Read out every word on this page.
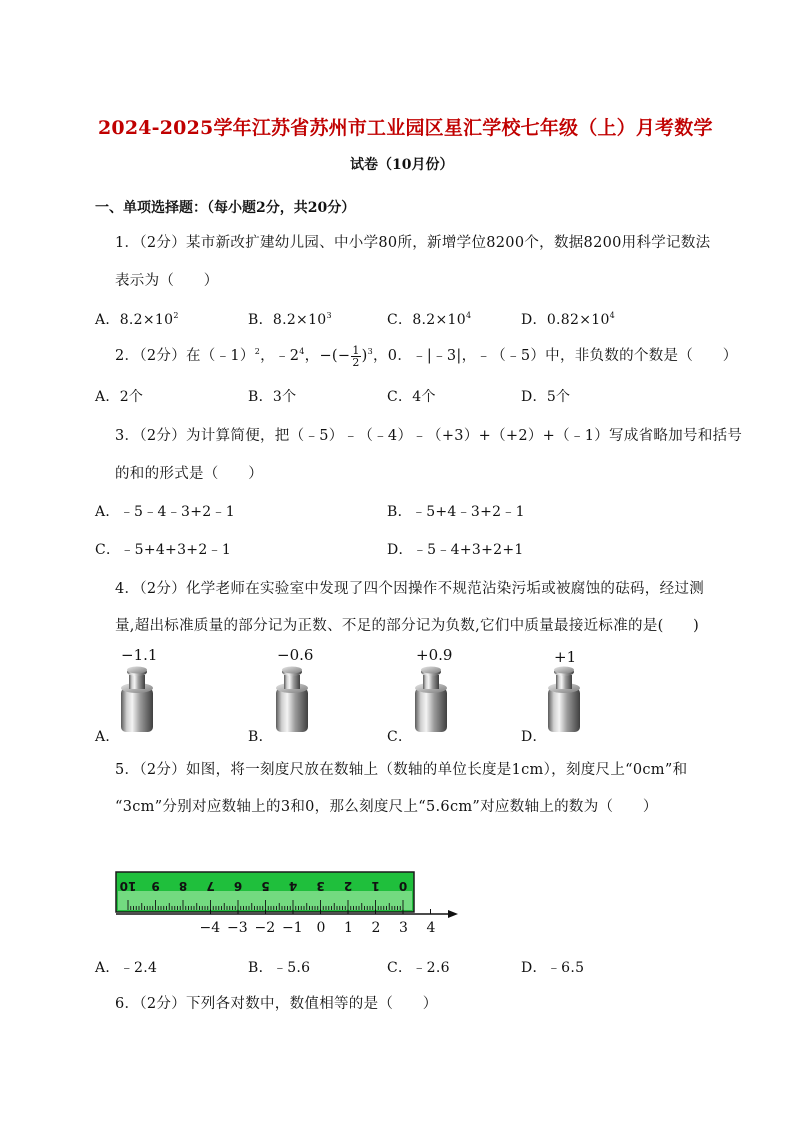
2024-2025学年江苏省苏州市工业园区星汇学校七年级（上）月考数学
试卷（10月份）
一、单项选择题：（每小题2分，共20分）
1．（2分）某市新改扩建幼儿园、中小学80所，新增学位8200个，数据8200用科学记数法
表示为（　　）
A．$8.2\times 10^2$	B．$8.2\times 10^3$	C．$8.2\times 10^4$	D．$0.82\times 10^4$
2．（2分）在（﹣1）$^2$，$﹣2^4$，−(− $\frac{1}{2} )^3$，0．﹣|﹣3|，﹣（﹣5）中，非负数的个数是（　　）
A．2个	B．3个	C．4个	D．5个
3．（2分）为计算简便，把（﹣5）﹣（﹣4）﹣（+3）+（+2）+（﹣1）写成省略加号和括号
的和的形式是（　　）
A．﹣5﹣4﹣3+2﹣1	B．﹣5+4﹣3+2﹣1
C．﹣5+4+3+2﹣1	D．﹣5﹣4+3+2+1
4．（2分）化学老师在实验室中发现了四个因操作不规范沾染污垢或被腐蚀的砝码，经过测
量,超出标准质量的部分记为正数、不足的部分记为负数,它们中质量最接近标准的是(　　)
−1.1	−0.6	+0.9	+1
A．	B．	C．	D．
5．（2分）如图，将一刻度尺放在数轴上（数轴的单位长度是1cm），刻度尺上“0cm”和
“3cm”分别对应数轴上的3和0，那么刻度尺上“5.6cm”对应数轴上的数为（　　）
10 9 8 7 6 5 4 3 2 1 0
−4 −3 −2 −1 0 1 2 3 4
A．﹣2.4	B．﹣5.6	C．﹣2.6	D．﹣6.5
6．（2分）下列各对数中，数值相等的是（　　）
